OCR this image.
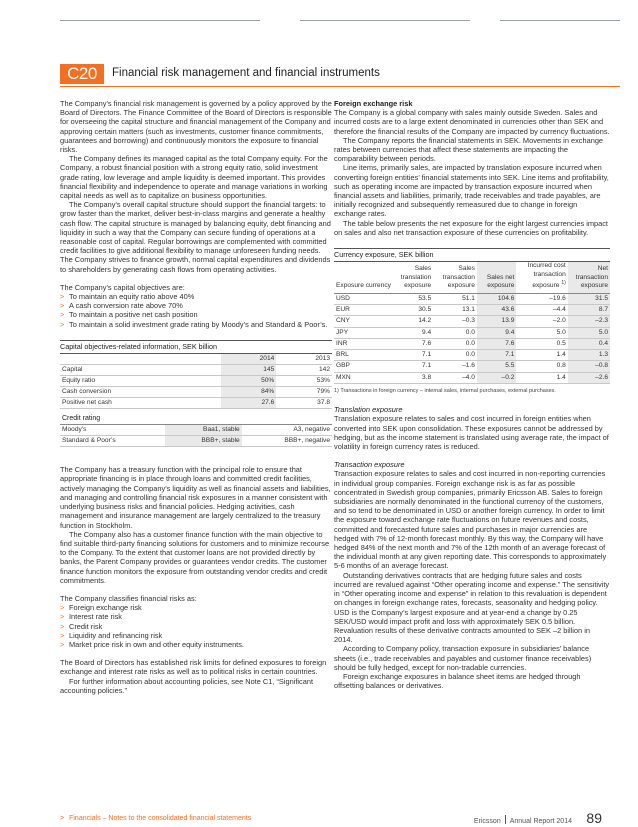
C20	Financial risk management and financial instruments

The Company’s financial risk management is governed by a policy approved by the Board of Directors. The Finance Committee of the Board of Directors is responsible for overseeing the capital structure and financial management of the Company and approving certain matters (such as investments, customer finance commitments, guarantees and borrowing) and continuously monitors the exposure to financial risks.

The Company defines its managed capital as the total Company equity. For the Company, a robust financial position with a strong equity ratio, solid investment grade rating, low leverage and ample liquidity is deemed important. This provides financial flexibility and independence to operate and manage variations in working capital needs as well as to capitalize on business opportunities.

The Company’s overall capital structure should support the financial targets: to grow faster than the market, deliver best-in-class margins and generate a healthy cash flow. The capital structure is managed by balancing equity, debt financing and liquidity in such a way that the Company can secure funding of operations at a reasonable cost of capital. Regular borrowings are complemented with committed credit facilities to give additional flexibility to manage unforeseen funding needs. The Company strives to finance growth, normal capital expenditures and dividends to shareholders by generating cash flows from operating activities.

The Company’s capital objectives are:

> To maintain an equity ratio above 40%
> A cash conversion rate above 70%
> To maintain a positive net cash position
> To maintain a solid investment grade rating by Moody’s and Standard & Poor’s.
Capital objectives-related information, SEK billion
	2014	2013
Capital	145	142
Equity ratio	50%	53%
Cash conversion	84%	79%
Positive net cash	27.6	37.8
Credit rating
Moody’s	Baa1, stable	A3, negative
Standard & Poor’s	BBB+, stable	BBB+, negative

The Company has a treasury function with the principal role to ensure that appropriate financing is in place through loans and committed credit facilities, actively managing the Company’s liquidity as well as financial assets and liabilities, and managing and controlling financial risk exposures in a manner consistent with underlying business risks and financial policies. Hedging activities, cash management and insurance management are largely centralized to the treasury function in Stockholm.

The Company also has a customer finance function with the main objective to find suitable third-party financing solutions for customers and to minimize recourse to the Company. To the extent that customer loans are not provided directly by banks, the Parent Company provides or guarantees vendor credits. The customer finance function monitors the exposure from outstanding vendor credits and credit commitments.

The Company classifies financial risks as:

> Foreign exchange risk
> Interest rate risk
> Credit risk
> Liquidity and refinancing risk
> Market price risk in own and other equity instruments.

The Board of Directors has established risk limits for defined exposures to foreign exchange and interest rate risks as well as to political risks in certain countries.

For further information about accounting policies, see Note C1, “Significant accounting policies.”

Foreign exchange risk

The Company is a global company with sales mainly outside Sweden. Sales and incurred costs are to a large extent denominated in currencies other than SEK and therefore the financial results of the Company are impacted by currency fluctuations.

The Company reports the financial statements in SEK. Movements in exchange rates between currencies that affect these statements are impacting the comparability between periods.

Line items, primarily sales, are impacted by translation exposure incurred when converting foreign entities’ financial statements into SEK. Line items and profitability, such as operating income are impacted by transaction exposure incurred when financial assets and liabilities, primarily, trade receivables and trade payables, are initially recognized and subsequently remeasured due to change in foreign exchange rates.

The table below presents the net exposure for the eight largest currencies impact on sales and also net transaction exposure of these currencies on profitability.

Currency exposure, SEK billion
Exposure currency	Sales translation exposure	Sales transaction exposure	Sales net exposure	Incurred cost transaction exposure $^{1)}$	Net transaction exposure
USD	53.5	51.1	104.6	–19.6	31.5
EUR	30.5	13.1	43.6	–4.4	8.7
CNY	14.2	–0.3	13.9	–2.0	–2.3
JPY	9.4	0.0	9.4	5.0	5.0
INR	7.6	0.0	7.6	0.5	0.4
BRL	7.1	0.0	7.1	1.4	1.3
GBP	7.1	–1.6	5.5	0.8	–0.8
MXN	3.8	–4.0	–0.2	1.4	–2.6
1) Transactions in foreign currency – internal sales, internal purchases, external purchases.

Translation exposure

Translation exposure relates to sales and cost incurred in foreign entities when converted into SEK upon consolidation. These exposures cannot be addressed by hedging, but as the income statement is translated using average rate, the impact of volatility in foreign currency rates is reduced.

Transaction exposure

Transaction exposure relates to sales and cost incurred in non-reporting currencies in individual group companies. Foreign exchange risk is as far as possible concentrated in Swedish group companies, primarily Ericsson AB. Sales to foreign subsidiaries are normally denominated in the functional currency of the customers, and so tend to be denominated in USD or another foreign currency. In order to limit the exposure toward exchange rate fluctuations on future revenues and costs, committed and forecasted future sales and purchases in major currencies are hedged with 7% of 12-month forecast monthly. By this way, the Company will have hedged 84% of the next month and 7% of the 12th month of an average forecast of the individual month at any given reporting date. This corresponds to approximately 5-6 months of an average forecast.

Outstanding derivatives contracts that are hedging future sales and costs incurred are revalued against “Other operating income and expense.” The sensitivity in “Other operating income and expense” in relation to this revaluation is dependent on changes in foreign exchange rates, forecasts, seasonality and hedging policy. USD is the Company’s largest exposure and at year-end a change by 0.25 SEK/USD would impact profit and loss with approximately SEK 0.5 billion. Revaluation results of these derivative contracts amounted to SEK –2 billion in 2014.

According to Company policy, transaction exposure in subsidiaries’ balance sheets (i.e., trade receivables and payables and customer finance receivables) should be fully hedged, except for non-tradable currencies.

Foreign exchange exposures in balance sheet items are hedged through offsetting balances or derivatives.

> Financials – Notes to the consolidated financial statements	Ericsson Annual Report 2014 89
